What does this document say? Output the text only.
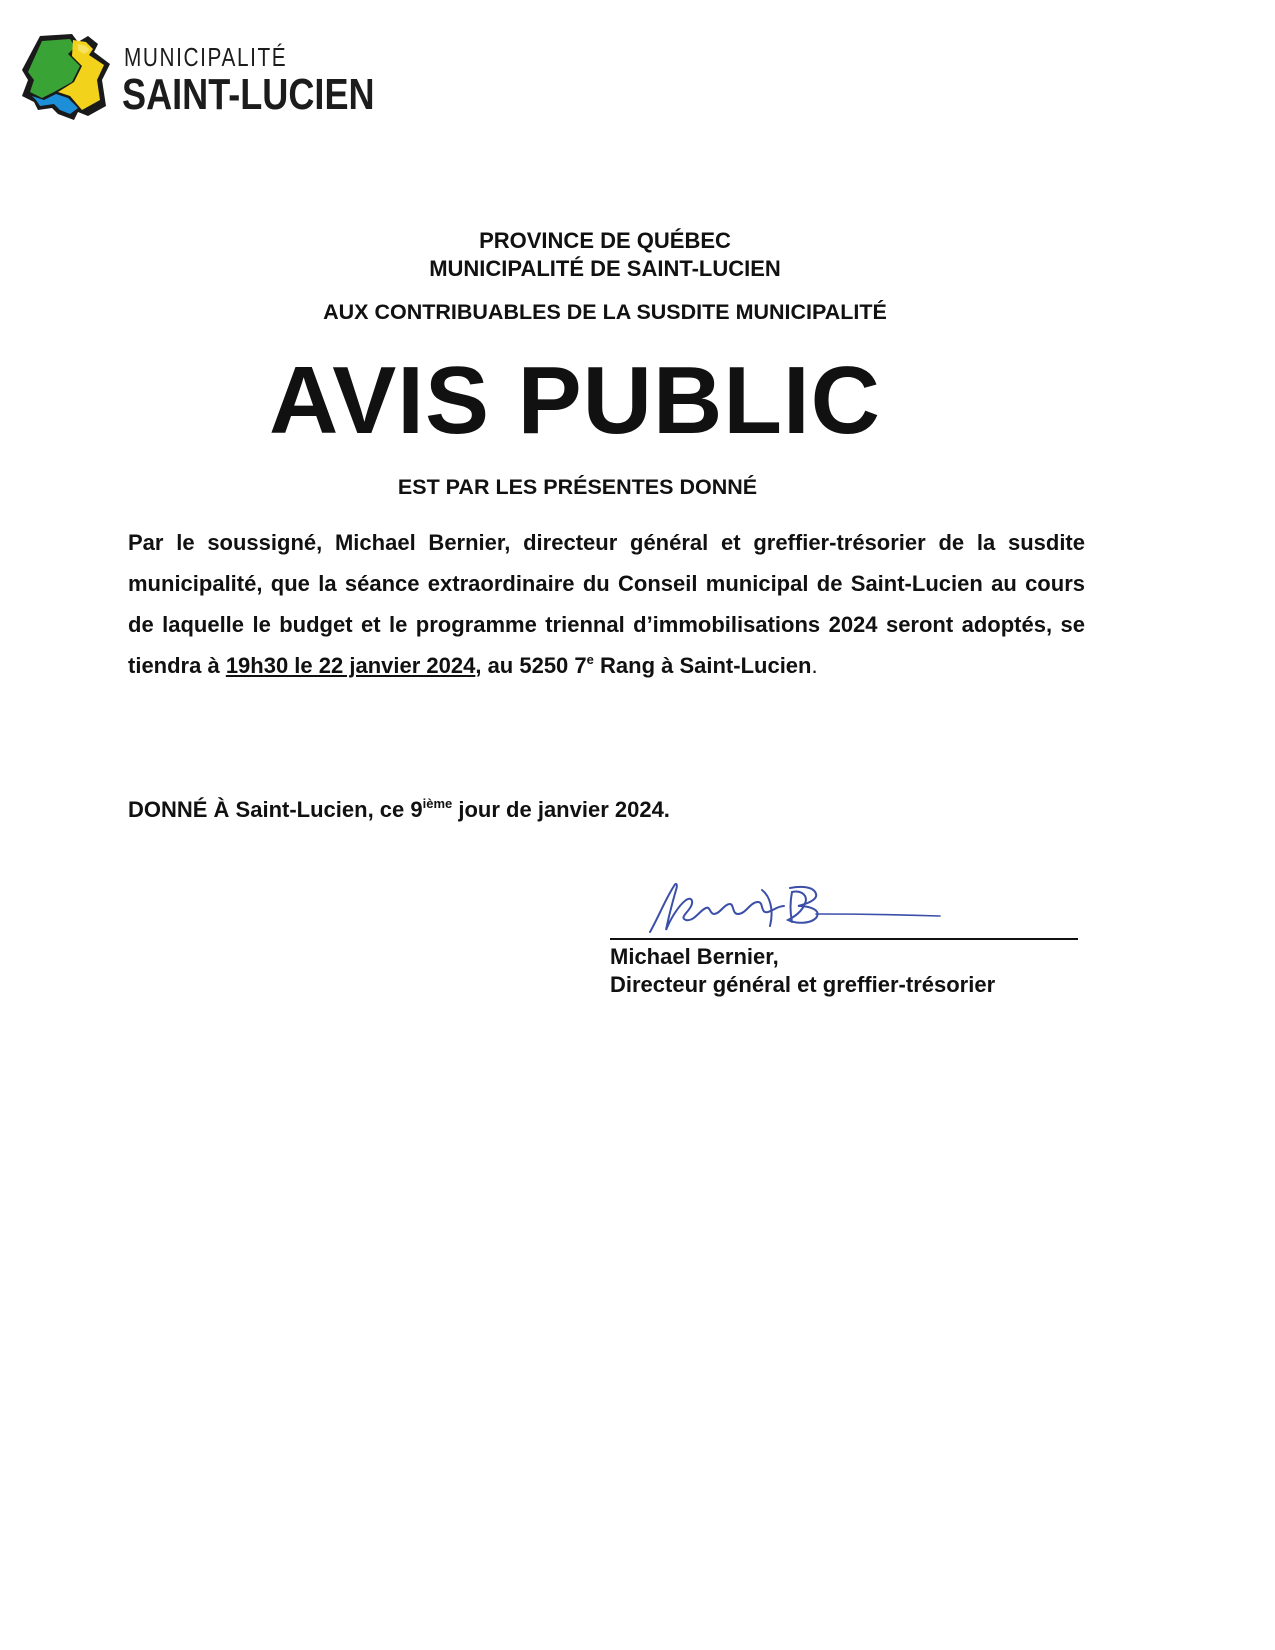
MUNICIPALITÉ
SAINT-LUCIEN
PROVINCE DE QUÉBEC
MUNICIPALITÉ DE SAINT-LUCIEN
AUX CONTRIBUABLES DE LA SUSDITE MUNICIPALITÉ
AVIS PUBLIC
EST PAR LES PRÉSENTES DONNÉ
Par le soussigné, Michael Bernier, directeur général et greffier-trésorier de la susdite municipalité, que la séance extraordinaire du Conseil municipal de Saint-Lucien au cours de laquelle le budget et le programme triennal d’immobilisations 2024 seront adoptés, se tiendra à 19h30 le 22 janvier 2024, au 5250 7e Rang à Saint-Lucien.
DONNÉ À Saint-Lucien, ce 9ième jour de janvier 2024.
Michael Bernier,
Directeur général et greffier-trésorier
